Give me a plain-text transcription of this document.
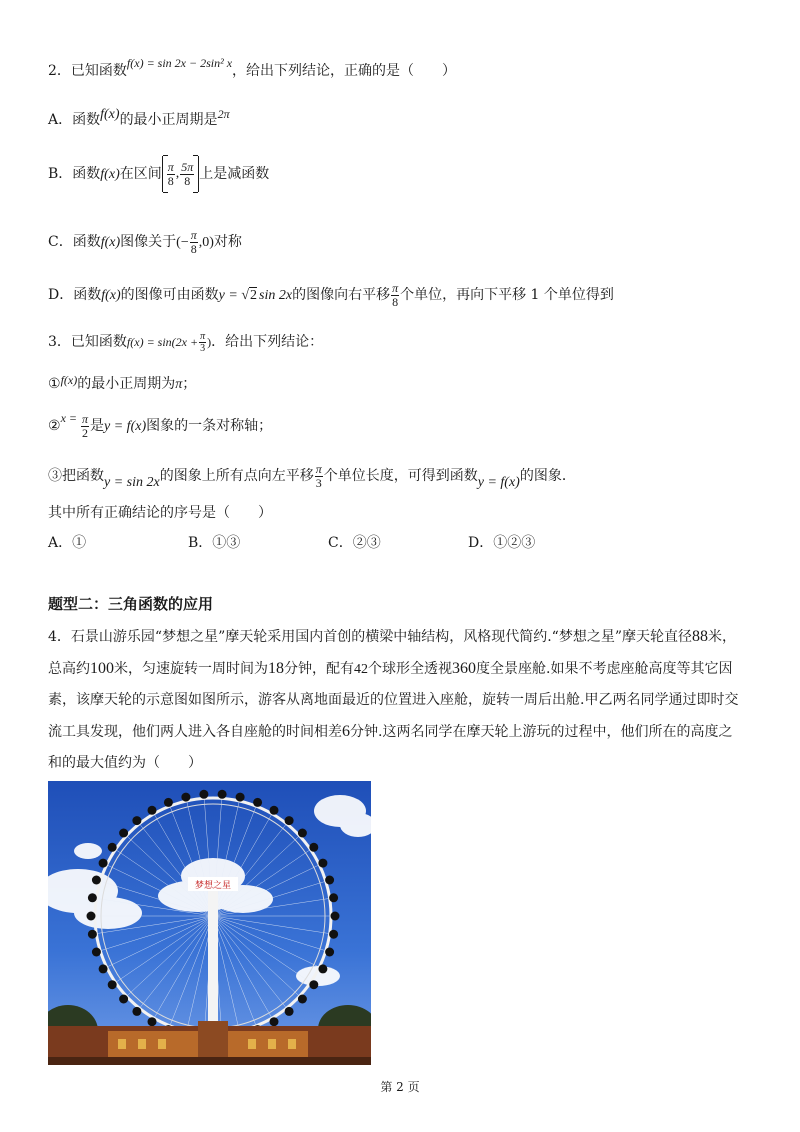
2．已知函数f(x) = sin 2x − 2sin² x，给出下列结论，正确的是（　　）
A．函数f(x)的最小正周期是2π
B．函数f(x)在区间 $\frac{\pi}{8}$ , $\frac{5\pi}{8}$ 上是减函数
C．函数f(x)图像关于(− $\frac{\pi}{8} ,0$)对称
D．函数f(x)的图像可由函数y = √2 sin 2x的图像向右平移 $\frac{\pi}{8}$ 个单位，再向下平移 1 个单位得到
3．已知函数$f(x) = \sin(2x + \frac{\pi}{3}$ )．给出下列结论：
①f(x)的最小正周期为π；
②x = $\frac{\pi}{2}$ 是y = f(x)图象的一条对称轴；
③把函数y = sin 2x的图象上所有点向左平移 $\frac{\pi}{3}$ 个单位长度，可得到函数y = f(x)的图象．
其中所有正确结论的序号是（　　）
A．①	B．①③	C．②③	D．①②③
题型二：三角函数的应用
4．石景山游乐园“梦想之星”摩天轮采用国内首创的横梁中轴结构，风格现代简约.“梦想之星”摩天轮直径88米，
总高约100米，匀速旋转一周时间为18分钟，配有42个球形全透视360度全景座舱.如果不考虑座舱高度等其它因
素，该摩天轮的示意图如图所示，游客从离地面最近的位置进入座舱，旋转一周后出舱.甲乙两名同学通过即时交
流工具发现，他们两人进入各自座舱的时间相差6分钟.这两名同学在摩天轮上游玩的过程中，他们所在的高度之
和的最大值约为（　　）
梦想之星
第 2 页
